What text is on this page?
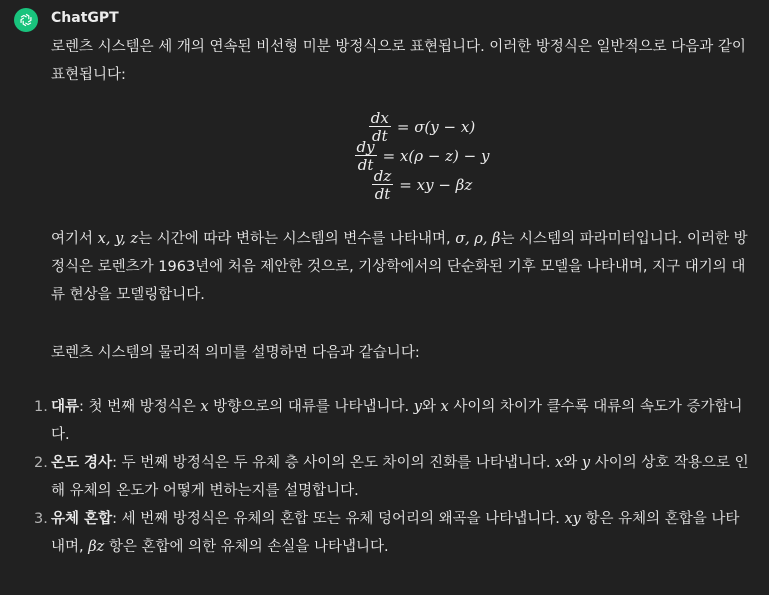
ChatGPT

로렌츠 시스템은 세 개의 연속된 비선형 미분 방정식으로 표현됩니다. 이러한 방정식은 일반적으로 다음과 같이 표현됩니다:

$\frac{dx}{dt} = \sigma(y - x)$
$\frac{dy}{dt} = x(\rho - z) - y$
$\frac{dz}{dt}$ = xy − βz

여기서 x, y, z는 시간에 따라 변하는 시스템의 변수를 나타내며, σ, ρ, β는 시스템의 파라미터입니다. 이러한 방정식은 로렌츠가 1963년에 처음 제안한 것으로, 기상학에서의 단순화된 기후 모델을 나타내며, 지구 대기의 대류 현상을 모델링합니다.

로렌츠 시스템의 물리적 의미를 설명하면 다음과 같습니다:

1. 대류: 첫 번째 방정식은 x 방향으로의 대류를 나타냅니다. y와 x 사이의 차이가 클수록 대류의 속도가 증가합니다.
2. 온도 경사: 두 번째 방정식은 두 유체 층 사이의 온도 차이의 진화를 나타냅니다. x와 y 사이의 상호 작용으로 인해 유체의 온도가 어떻게 변하는지를 설명합니다.
3. 유체 혼합: 세 번째 방정식은 유체의 혼합 또는 유체 덩어리의 왜곡을 나타냅니다. xy 항은 유체의 혼합을 나타내며, βz 항은 혼합에 의한 유체의 손실을 나타냅니다.
